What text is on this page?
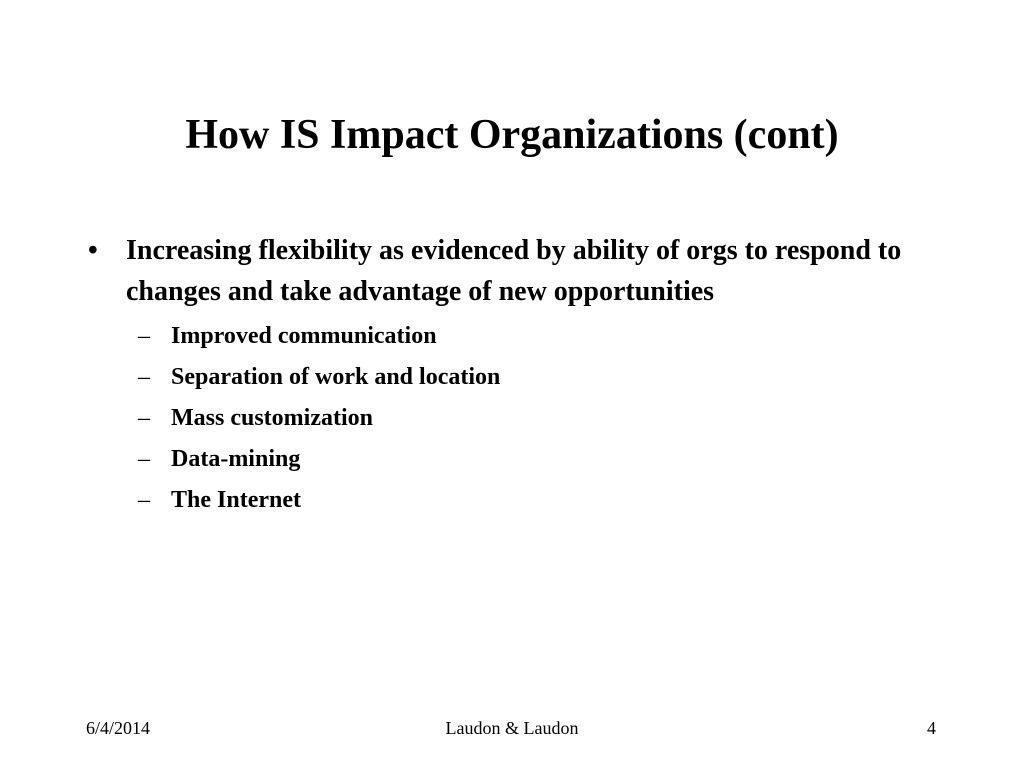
How IS Impact Organizations (cont)
• Increasing flexibility as evidenced by ability of orgs to respond to changes and take advantage of new opportunities
– Improved communication
– Separation of work and location
– Mass customization
– Data-mining
– The Internet
6/4/2014	Laudon & Laudon	4
